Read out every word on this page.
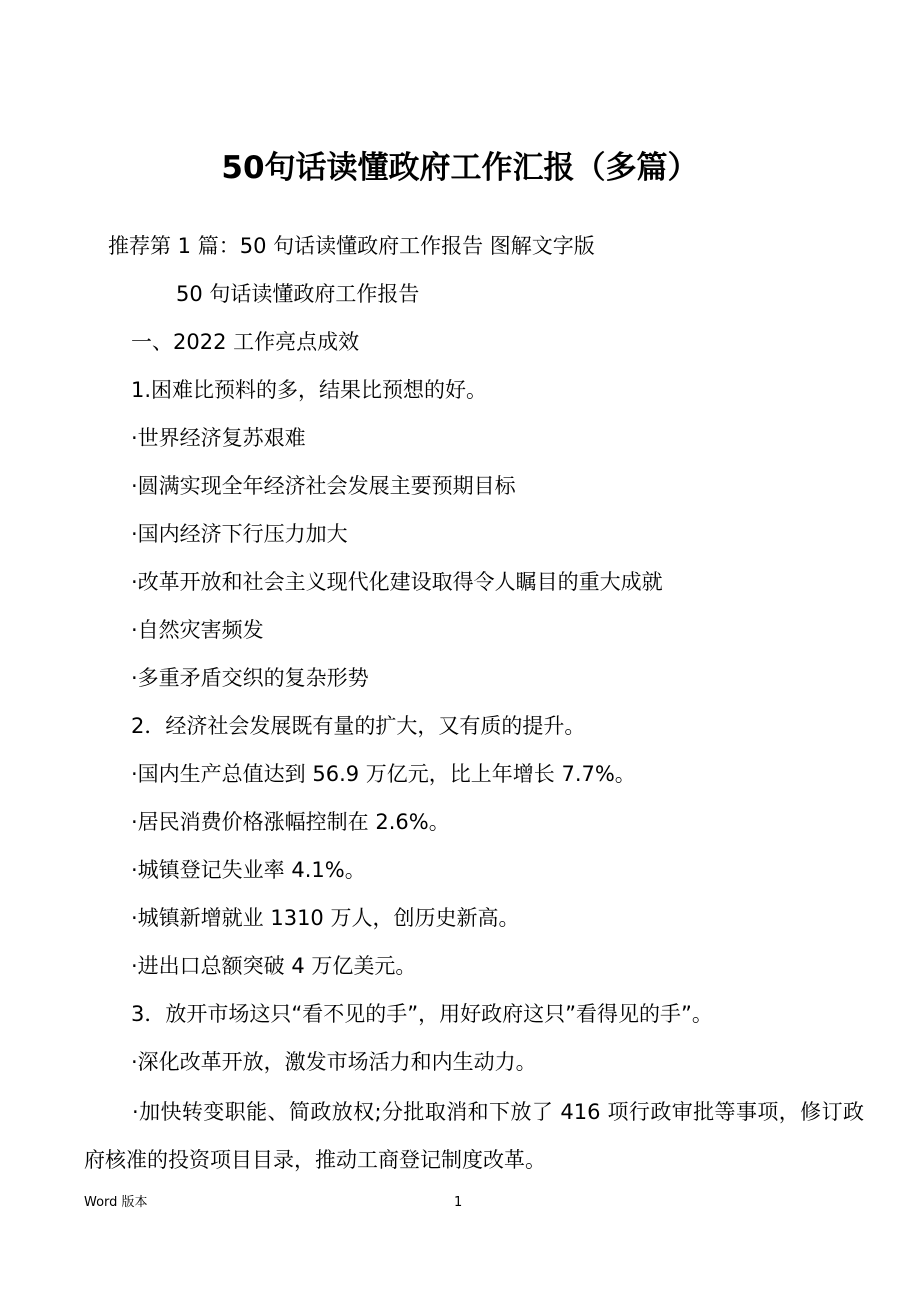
50句话读懂政府工作汇报（多篇）
推荐第 1 篇：50 句话读懂政府工作报告 图解文字版
50 句话读懂政府工作报告
一、2022 工作亮点成效
1.困难比预料的多，结果比预想的好。
·世界经济复苏艰难
·圆满实现全年经济社会发展主要预期目标
·国内经济下行压力加大
·改革开放和社会主义现代化建设取得令人瞩目的重大成就
·自然灾害频发
·多重矛盾交织的复杂形势
2．经济社会发展既有量的扩大，又有质的提升。
·国内生产总值达到 56.9 万亿元，比上年增长 7.7%。
·居民消费价格涨幅控制在 2.6%。
·城镇登记失业率 4.1%。
·城镇新增就业 1310 万人，创历史新高。
·进出口总额突破 4 万亿美元。
3．放开市场这只“看不见的手”，用好政府这只”看得见的手”。
·深化改革开放，激发市场活力和内生动力。
·加快转变职能、简政放权;分批取消和下放了 416 项行政审批等事项，修订政府核准的投资项目目录，推动工商登记制度改革。
Word 版本	1
